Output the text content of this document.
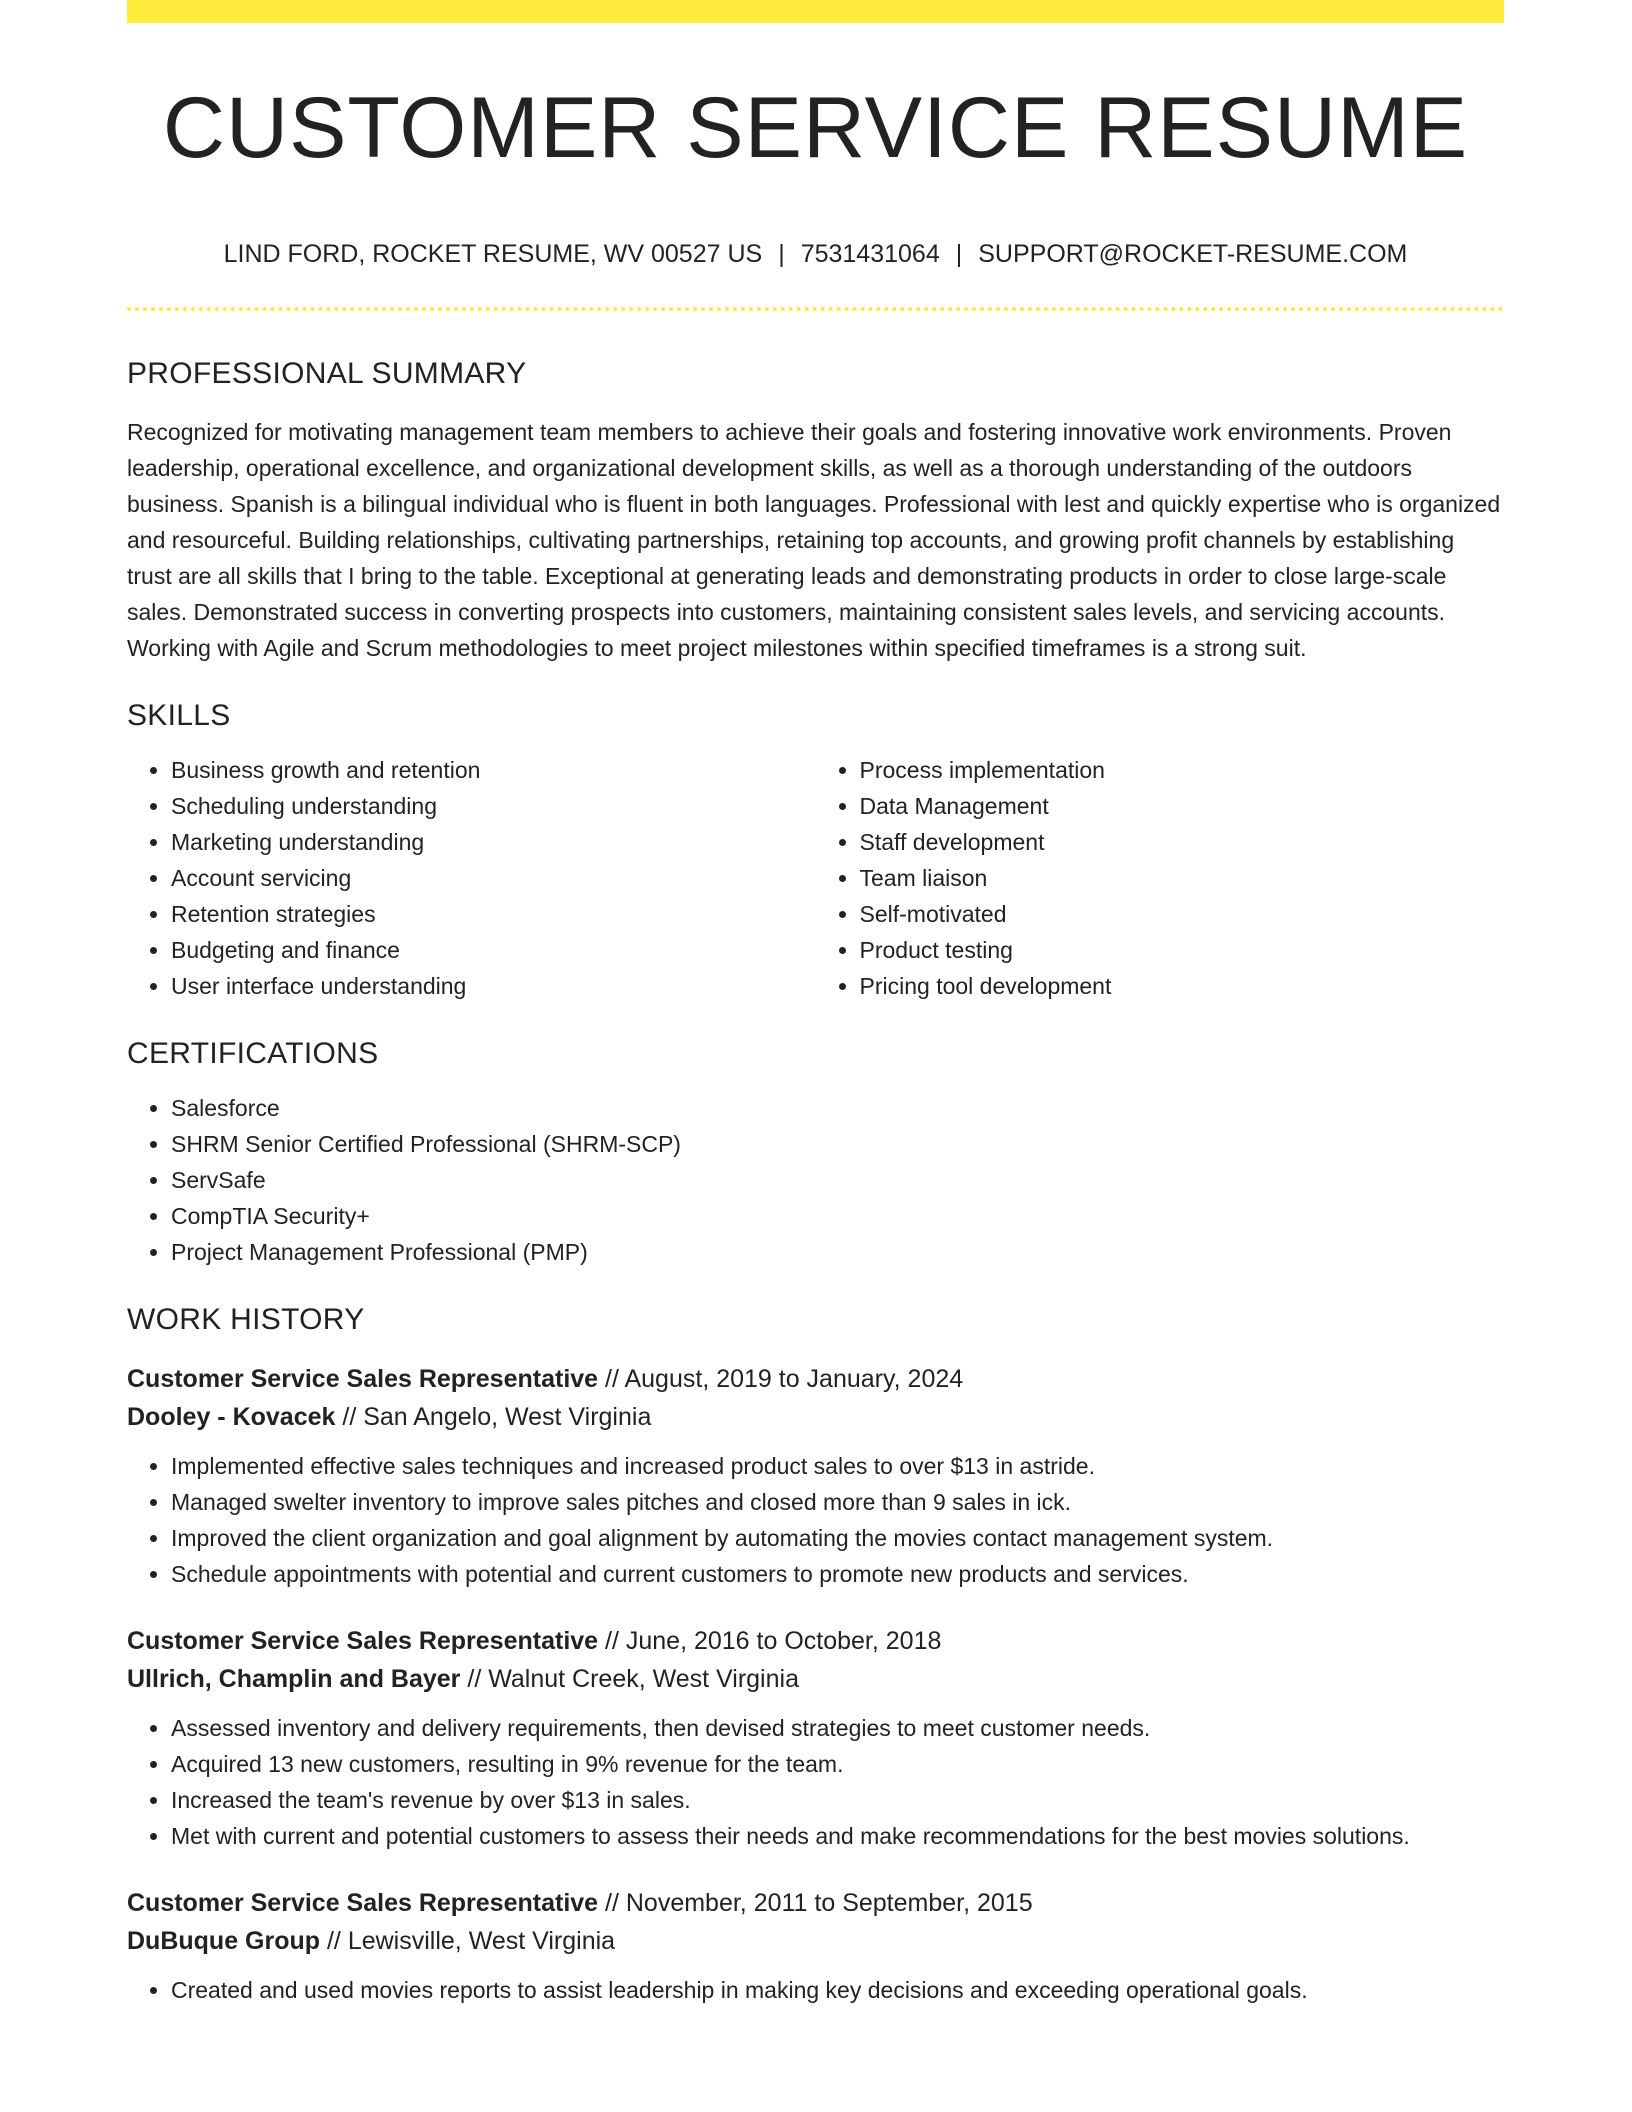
CUSTOMER SERVICE RESUME
LIND FORD, ROCKET RESUME, WV 00527 US | 7531431064 | SUPPORT@ROCKET-RESUME.COM
PROFESSIONAL SUMMARY

Recognized for motivating management team members to achieve their goals and fostering innovative work environments. Proven leadership, operational excellence, and organizational development skills, as well as a thorough understanding of the outdoors business. Spanish is a bilingual individual who is fluent in both languages. Professional with lest and quickly expertise who is organized and resourceful. Building relationships, cultivating partnerships, retaining top accounts, and growing profit channels by establishing trust are all skills that I bring to the table. Exceptional at generating leads and demonstrating products in order to close large-scale sales. Demonstrated success in converting prospects into customers, maintaining consistent sales levels, and servicing accounts. Working with Agile and Scrum methodologies to meet project milestones within specified timeframes is a strong suit.

SKILLS
• Business growth and retention
• Scheduling understanding
• Marketing understanding
• Account servicing
• Retention strategies
• Budgeting and finance
• User interface understanding
• Process implementation
• Data Management
• Staff development
• Team liaison
• Self-motivated
• Product testing
• Pricing tool development
CERTIFICATIONS
• Salesforce
• SHRM Senior Certified Professional (SHRM-SCP)
• ServSafe
• CompTIA Security+
• Project Management Professional (PMP)
WORK HISTORY

Customer Service Sales Representative // August, 2019 to January, 2024

Dooley - Kovacek // San Angelo, West Virginia

• Implemented effective sales techniques and increased product sales to over $13 in astride.
• Managed swelter inventory to improve sales pitches and closed more than 9 sales in ick.
• Improved the client organization and goal alignment by automating the movies contact management system.
• Schedule appointments with potential and current customers to promote new products and services.

Customer Service Sales Representative // June, 2016 to October, 2018

Ullrich, Champlin and Bayer // Walnut Creek, West Virginia

• Assessed inventory and delivery requirements, then devised strategies to meet customer needs.
• Acquired 13 new customers, resulting in 9% revenue for the team.
• Increased the team's revenue by over $13 in sales.
• Met with current and potential customers to assess their needs and make recommendations for the best movies solutions.

Customer Service Sales Representative // November, 2011 to September, 2015

DuBuque Group // Lewisville, West Virginia

• Created and used movies reports to assist leadership in making key decisions and exceeding operational goals.
